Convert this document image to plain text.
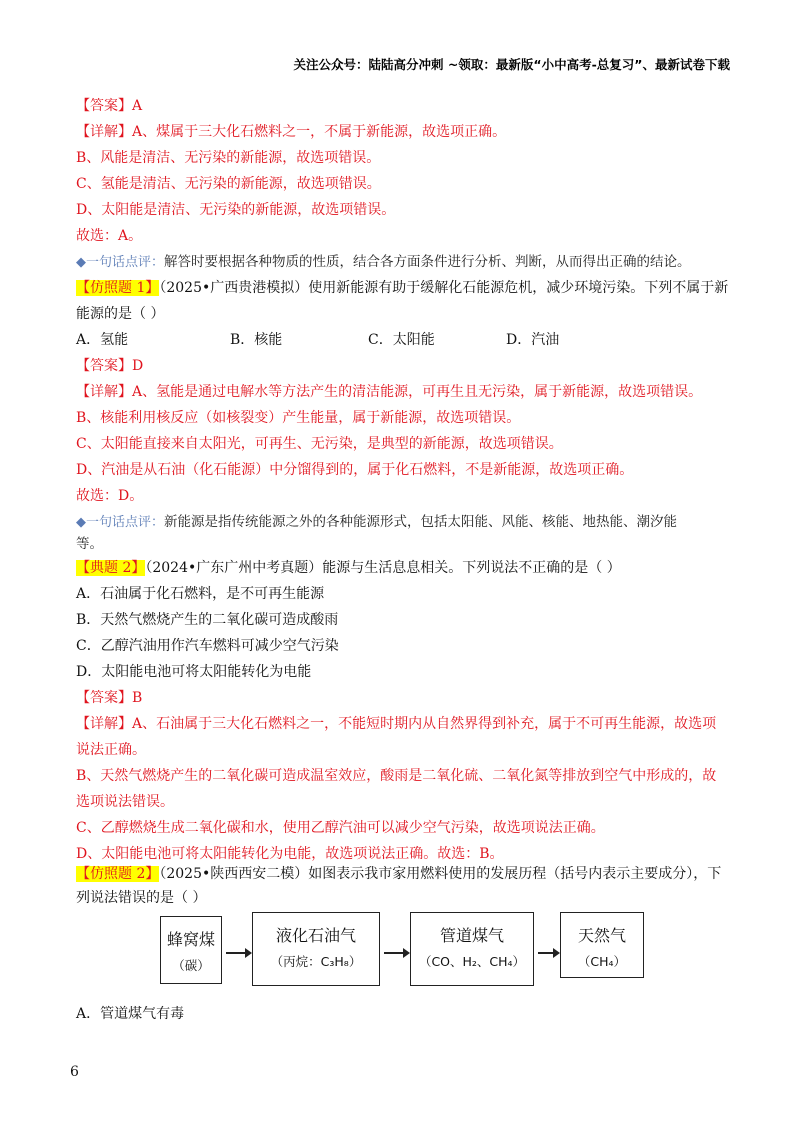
关注公众号：陆陆高分冲刺 ~领取：最新版“小中高考-总复习”、最新试卷下载
【答案】A
【详解】A、煤属于三大化石燃料之一，不属于新能源，故选项正确。
B、风能是清洁、无污染的新能源，故选项错误。
C、氢能是清洁、无污染的新能源，故选项错误。
D、太阳能是清洁、无污染的新能源，故选项错误。
故选：A。
◆一句话点评：解答时要根据各种物质的性质，结合各方面条件进行分析、判断，从而得出正确的结论。
【仿照题 1】（2025•广西贵港模拟）使用新能源有助于缓解化石能源危机，减少环境污染。下列不属于新
能源的是（ ）
A．氢能	B．核能	C．太阳能	D．汽油
【答案】D
【详解】A、氢能是通过电解水等方法产生的清洁能源，可再生且无污染，属于新能源，故选项错误。
B、核能利用核反应（如核裂变）产生能量，属于新能源，故选项错误。
C、太阳能直接来自太阳光，可再生、无污染，是典型的新能源，故选项错误。
D、汽油是从石油（化石能源）中分馏得到的，属于化石燃料，不是新能源，故选项正确。
故选：D。
◆一句话点评：新能源是指传统能源之外的各种能源形式，包括太阳能、风能、核能、地热能、潮汐能
等。
【典题 2】（2024•广东广州中考真题）能源与生活息息相关。下列说法不正确的是（ ）
A．石油属于化石燃料，是不可再生能源
B．天然气燃烧产生的二氧化碳可造成酸雨
C．乙醇汽油用作汽车燃料可减少空气污染
D．太阳能电池可将太阳能转化为电能
【答案】B
【详解】A、石油属于三大化石燃料之一，不能短时期内从自然界得到补充，属于不可再生能源，故选项
说法正确。
B、天然气燃烧产生的二氧化碳可造成温室效应，酸雨是二氧化硫、二氧化氮等排放到空气中形成的，故
选项说法错误。
C、乙醇燃烧生成二氧化碳和水，使用乙醇汽油可以减少空气污染，故选项说法正确。
D、太阳能电池可将太阳能转化为电能，故选项说法正确。故选：B。
【仿照题 2】（2025•陕西西安二模）如图表示我市家用燃料使用的发展历程（括号内表示主要成分），下
列说法错误的是（ ）
蜂窝煤
（碳）
液化石油气
（丙烷：C₃H₈）
管道煤气
（CO、H₂、CH₄）
天然气
（CH₄）
A．管道煤气有毒
6
